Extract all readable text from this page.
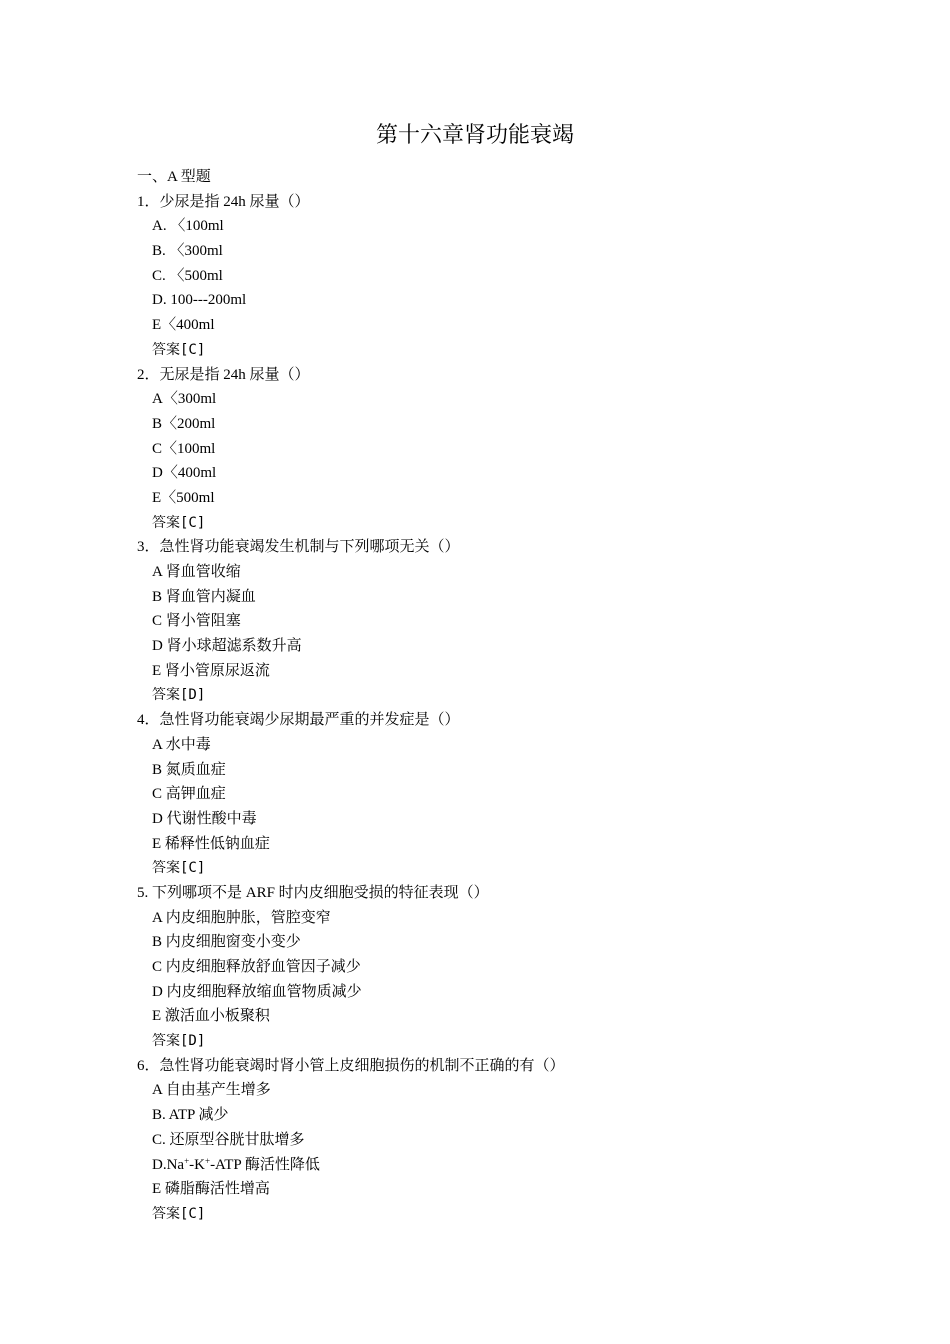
第十六章肾功能衰竭
一、A 型题
1．少尿是指 24h 尿量（）
A. 〈100ml
B. 〈300ml
C. 〈500ml
D. 100---200ml
E〈400ml
答案[C]
2．无尿是指 24h 尿量（）
A〈300ml
B〈200ml
C〈100ml
D〈400ml
E〈500ml
答案[C]
3．急性肾功能衰竭发生机制与下列哪项无关（）
A 肾血管收缩
B 肾血管内凝血
C 肾小管阻塞
D 肾小球超滤系数升高
E 肾小管原尿返流
答案[D]
4．急性肾功能衰竭少尿期最严重的并发症是（）
A 水中毒
B 氮质血症
C 高钾血症
D 代谢性酸中毒
E 稀释性低钠血症
答案[C]
5. 下列哪项不是 ARF 时内皮细胞受损的特征表现（）
A 内皮细胞肿胀，管腔变窄
B 内皮细胞窗变小变少
C 内皮细胞释放舒血管因子减少
D 内皮细胞释放缩血管物质减少
E 激活血小板聚积
答案[D]
6．急性肾功能衰竭时肾小管上皮细胞损伤的机制不正确的有（）
A 自由基产生增多
B. ATP 减少
C. 还原型谷胱甘肽增多
D.Na+-K+-ATP 酶活性降低
E 磷脂酶活性增高
答案[C]
